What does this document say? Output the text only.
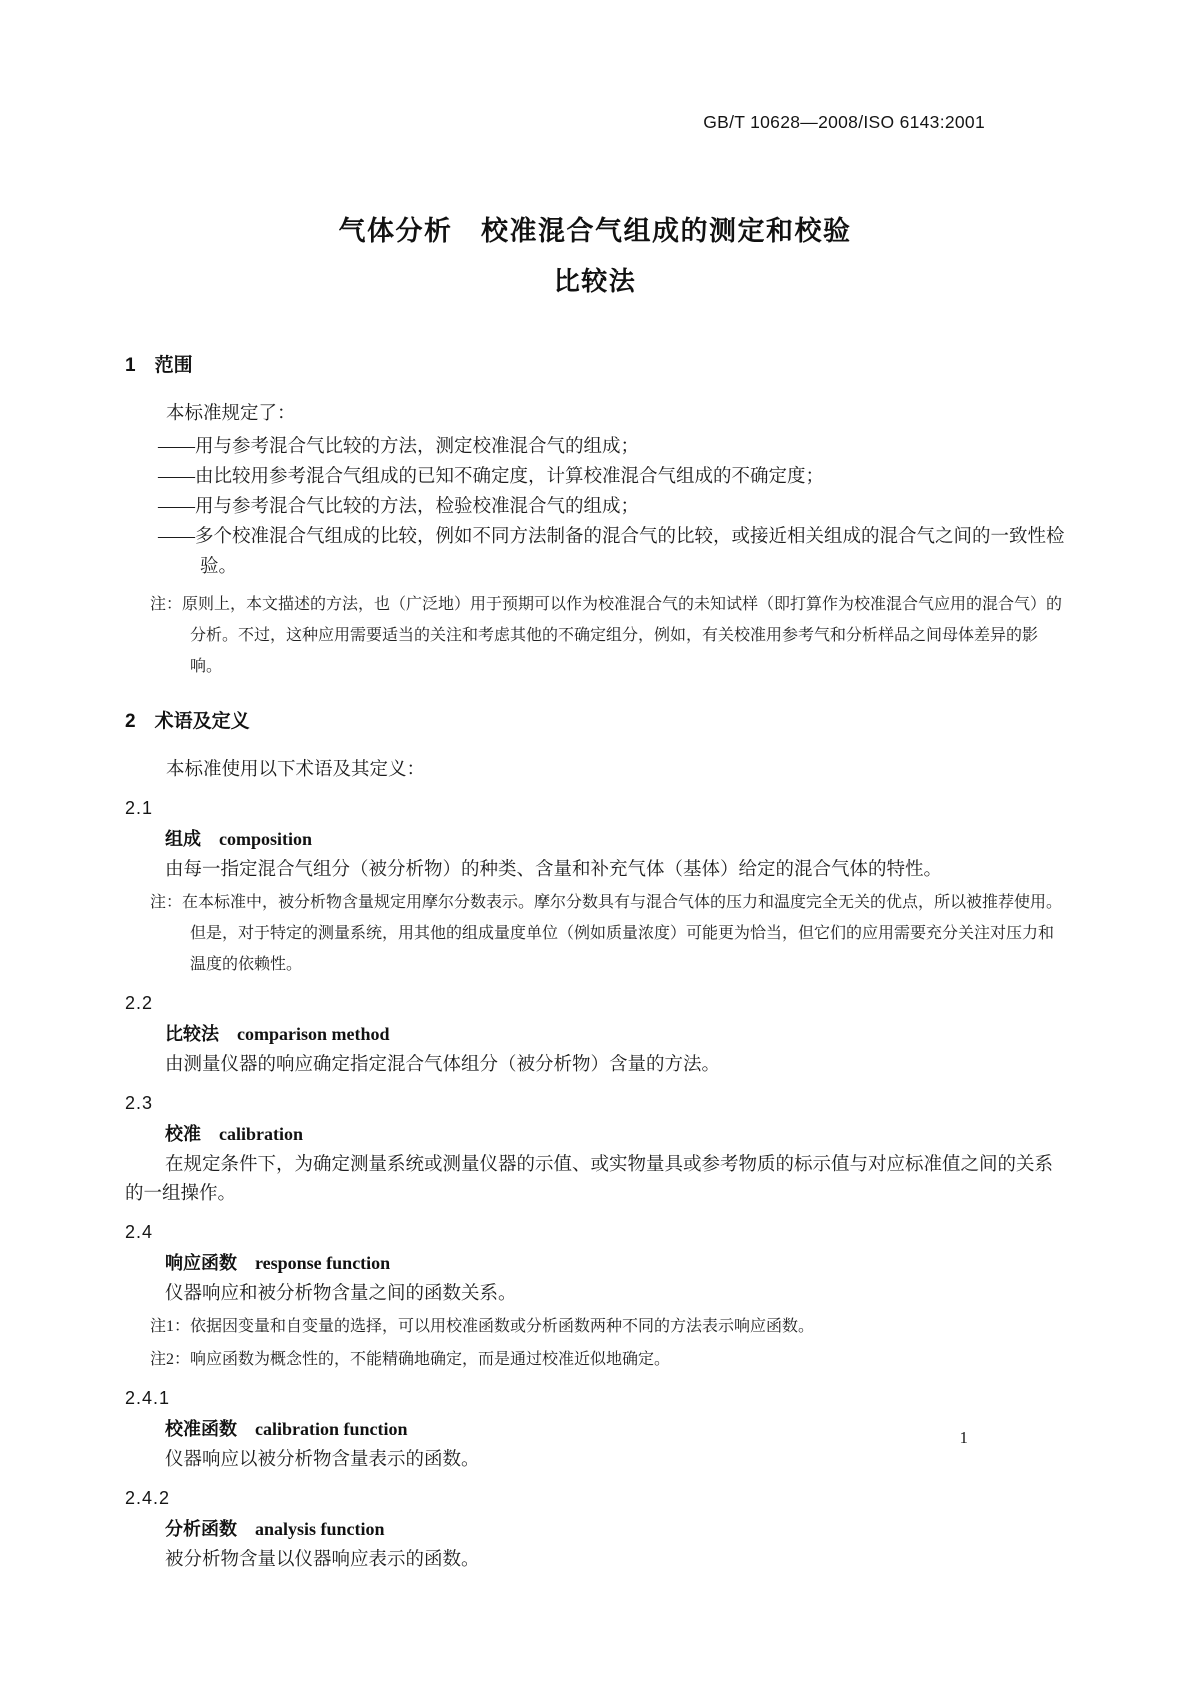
GB/T 10628—2008/ISO 6143:2001
气体分析　校准混合气组成的测定和校验
比较法
1　范围

本标准规定了：

——用与参考混合气比较的方法，测定校准混合气的组成；

——由比较用参考混合气组成的已知不确定度，计算校准混合气组成的不确定度；

——用与参考混合气比较的方法，检验校准混合气的组成；

——多个校准混合气组成的比较，例如不同方法制备的混合气的比较，或接近相关组成的混合气之间的一致性检验。

注：原则上，本文描述的方法，也（广泛地）用于预期可以作为校准混合气的未知试样（即打算作为校准混合气应用的混合气）的分析。不过，这种应用需要适当的关注和考虑其他的不确定组分，例如，有关校准用参考气和分析样品之间母体差异的影响。

2　术语及定义

本标准使用以下术语及其定义：

2.1
组成 composition

由每一指定混合气组分（被分析物）的种类、含量和补充气体（基体）给定的混合气体的特性。

注：在本标准中，被分析物含量规定用摩尔分数表示。摩尔分数具有与混合气体的压力和温度完全无关的优点，所以被推荐使用。但是，对于特定的测量系统，用其他的组成量度单位（例如质量浓度）可能更为恰当，但它们的应用需要充分关注对压力和温度的依赖性。

2.2
比较法 comparison method

由测量仪器的响应确定指定混合气体组分（被分析物）含量的方法。

2.3
校准 calibration

在规定条件下，为确定测量系统或测量仪器的示值、或实物量具或参考物质的标示值与对应标准值之间的关系的一组操作。

2.4
响应函数 response function

仪器响应和被分析物含量之间的函数关系。

注1：依据因变量和自变量的选择，可以用校准函数或分析函数两种不同的方法表示响应函数。

注2：响应函数为概念性的，不能精确地确定，而是通过校准近似地确定。

2.4.1
校准函数 calibration function

仪器响应以被分析物含量表示的函数。

2.4.2
分析函数 analysis function

被分析物含量以仪器响应表示的函数。

1
